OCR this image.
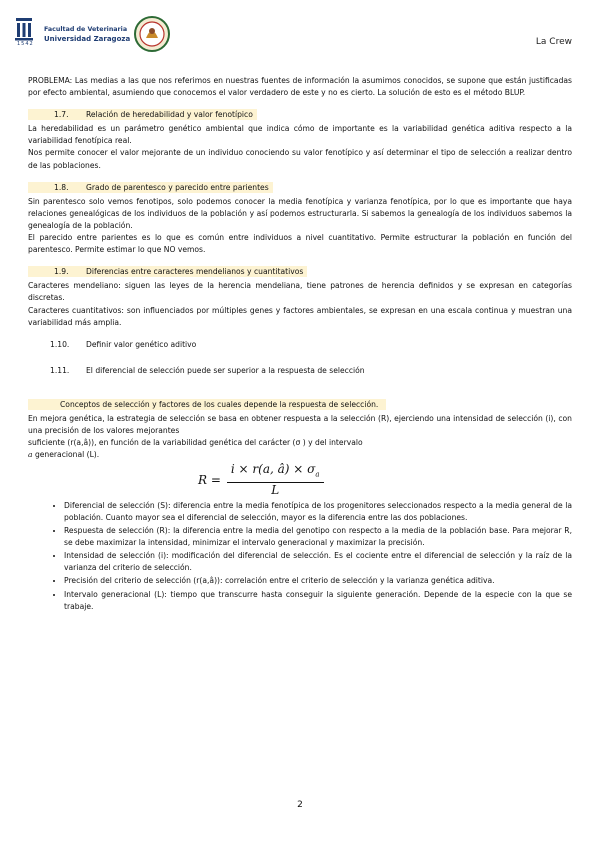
1542
Facultad de Veterinaria
Universidad Zaragoza	La Crew

PROBLEMA: Las medias a las que nos referimos en nuestras fuentes de información la asumimos conocidos, se supone que están justificadas por efecto ambiental, asumiendo que conocemos el valor verdadero de este y no es cierto. La solución de esto es el método BLUP.

1.7. Relación de heredabilidad y valor fenotípico

La heredabilidad es un parámetro genético ambiental que indica cómo de importante es la variabilidad genética aditiva respecto a la variabilidad fenotípica real.

Nos permite conocer el valor mejorante de un individuo conociendo su valor fenotípico y así determinar el tipo de selección a realizar dentro de las poblaciones.

1.8. Grado de parentesco y parecido entre parientes

Sin parentesco solo vemos fenotipos, solo podemos conocer la media fenotípica y varianza fenotípica, por lo que es importante que haya relaciones genealógicas de los individuos de la población y así podemos estructurarla. Si sabemos la genealogía de los individuos sabemos la genealogía de la población.

El parecido entre parientes es lo que es común entre individuos a nivel cuantitativo. Permite estructurar la población en función del parentesco. Permite estimar lo que NO vemos.

1.9. Diferencias entre caracteres mendelianos y cuantitativos

Caracteres mendeliano: siguen las leyes de la herencia mendeliana, tiene patrones de herencia definidos y se expresan en categorías discretas.

Caracteres cuantitativos: son influenciados por múltiples genes y factores ambientales, se expresan en una escala continua y muestran una variabilidad más amplia.

1.10. Definir valor genético aditivo
1.11. El diferencial de selección puede ser superior a la respuesta de selección
Conceptos de selección y factores de los cuales depende la respuesta de selección.

En mejora genética, la estrategia de selección se basa en obtener respuesta a la selección (R), ejerciendo una intensidad de selección (i), con una precisión de los valores mejorantes

suficiente (r(a,â)), en función de la variabilidad genética del carácter (σ ) y del intervalo

a generacional (L).

$R = \frac{i \times r(a, â) \times \sigma_a}{L}$
• Diferencial de selección (S): diferencia entre la media fenotípica de los progenitores seleccionados respecto a la media general de la población. Cuanto mayor sea el diferencial de selección, mayor es la diferencia entre las dos poblaciones.
• Respuesta de selección (R): la diferencia entre la media del genotipo con respecto a la media de la población base. Para mejorar R, se debe maximizar la intensidad, minimizar el intervalo generacional y maximizar la precisión.
• Intensidad de selección (i): modificación del diferencial de selección. Es el cociente entre el diferencial de selección y la raíz de la varianza del criterio de selección.
• Precisión del criterio de selección (r(a,â)): correlación entre el criterio de selección y la varianza genética aditiva.
• Intervalo generacional (L): tiempo que transcurre hasta conseguir la siguiente generación. Depende de la especie con la que se trabaje.
2
